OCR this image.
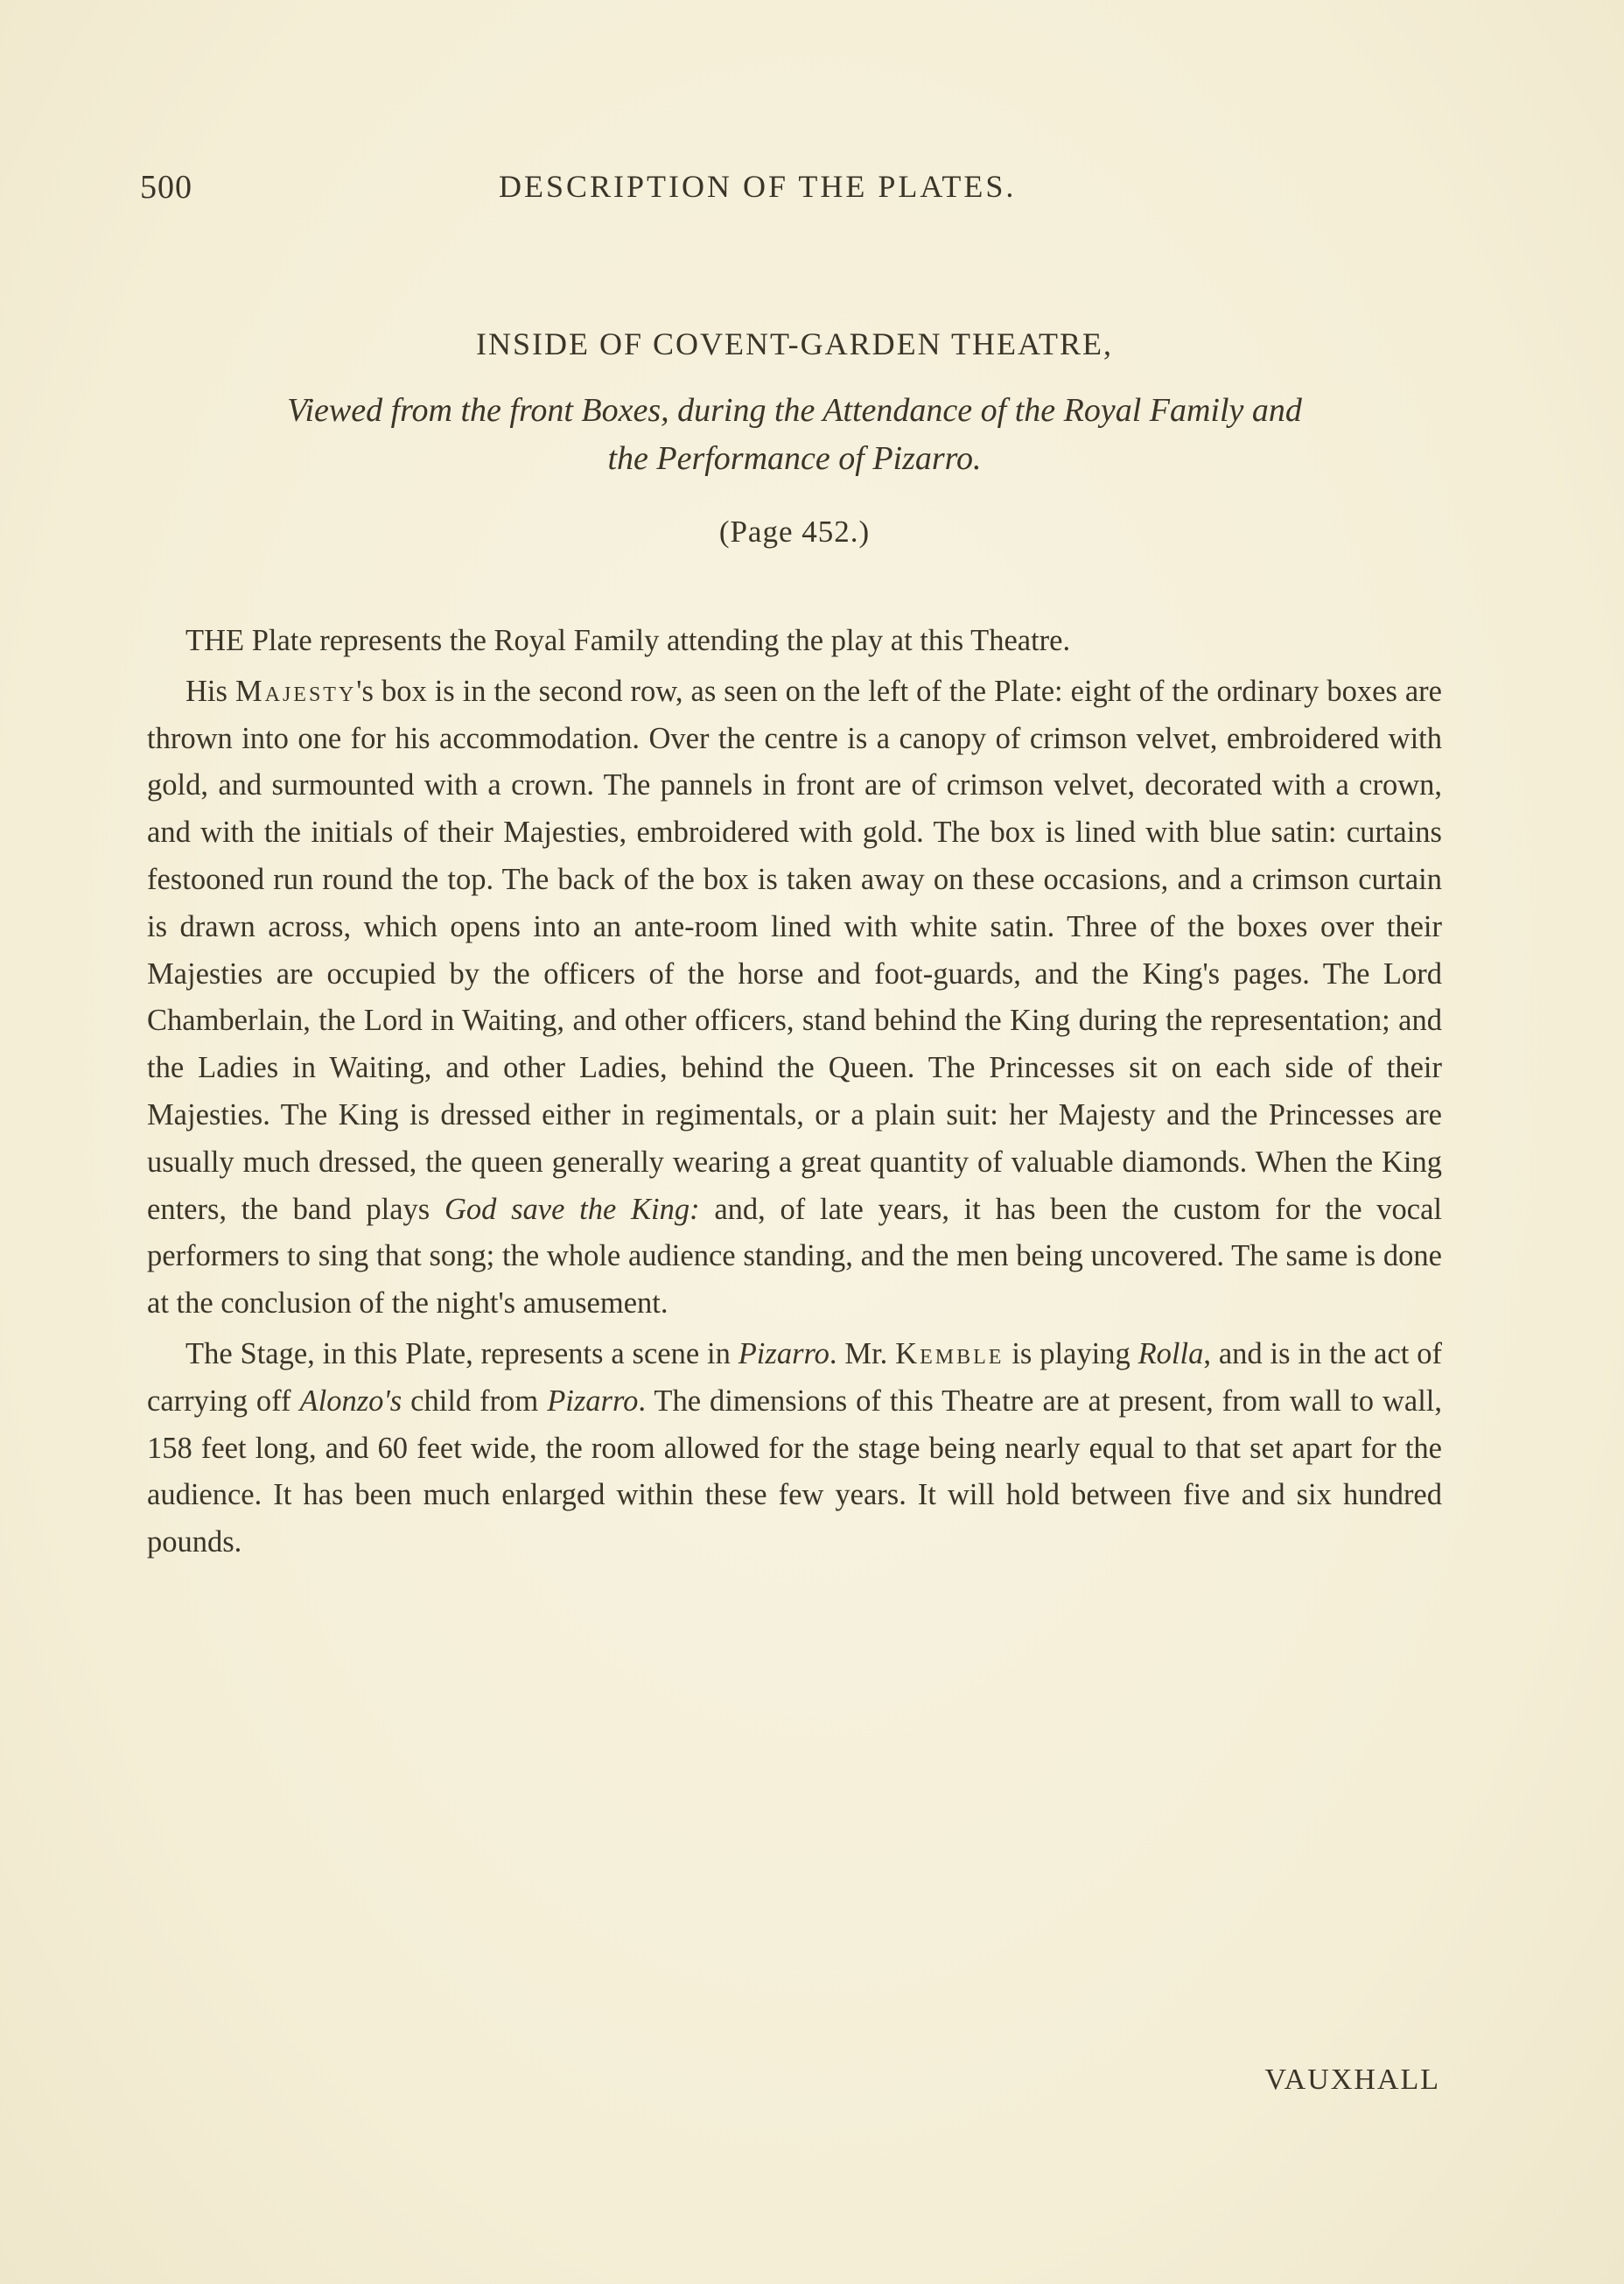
500	DESCRIPTION OF THE PLATES.

INSIDE OF COVENT-GARDEN THEATRE,

Viewed from the front Boxes, during the Attendance of the Royal Family and
the Performance of Pizarro.

(Page 452.)

THE Plate represents the Royal Family attending the play at this Theatre.

His Majesty's box is in the second row, as seen on the left of the Plate: eight of the ordinary boxes are thrown into one for his accommodation. Over the centre is a canopy of crimson velvet, embroidered with gold, and surmounted with a crown. The pannels in front are of crimson velvet, decorated with a crown, and with the initials of their Majesties, embroidered with gold. The box is lined with blue satin: curtains festooned run round the top. The back of the box is taken away on these occasions, and a crimson curtain is drawn across, which opens into an ante-room lined with white satin. Three of the boxes over their Majesties are occupied by the officers of the horse and foot-guards, and the King's pages. The Lord Chamberlain, the Lord in Waiting, and other officers, stand behind the King during the representation; and the Ladies in Waiting, and other Ladies, behind the Queen. The Princesses sit on each side of their Majesties. The King is dressed either in regimentals, or a plain suit: her Majesty and the Princesses are usually much dressed, the queen generally wearing a great quantity of valuable diamonds. When the King enters, the band plays God save the King: and, of late years, it has been the custom for the vocal performers to sing that song; the whole audience standing, and the men being uncovered. The same is done at the conclusion of the night's amusement.

The Stage, in this Plate, represents a scene in Pizarro. Mr. Kemble is playing Rolla, and is in the act of carrying off Alonzo's child from Pizarro. The dimensions of this Theatre are at present, from wall to wall, 158 feet long, and 60 feet wide, the room allowed for the stage being nearly equal to that set apart for the audience. It has been much enlarged within these few years. It will hold between five and six hundred pounds.

VAUXHALL
